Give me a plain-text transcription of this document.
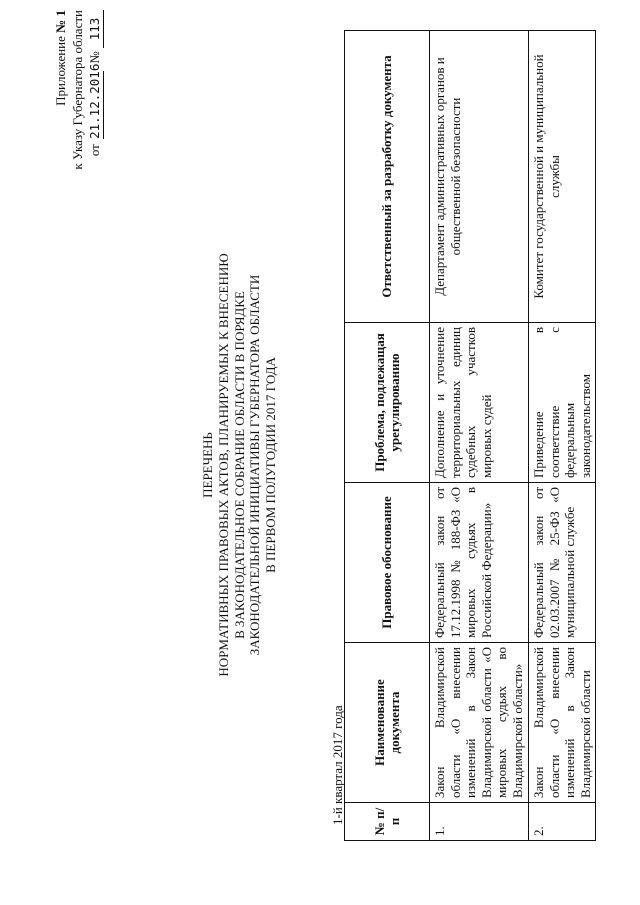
Приложение № 1 к Указу Губернатора области от 21.12.2016 № 113
ПЕРЕЧЕНЬ НОРМАТИВНЫХ ПРАВОВЫХ АКТОВ, ПЛАНИРУЕМЫХ К ВНЕСЕНИЮ В ЗАКОНОДАТЕЛЬНОЕ СОБРАНИЕ ОБЛАСТИ В ПОРЯДКЕ ЗАКОНОДАТЕЛЬНОЙ ИНИЦИАТИВЫ ГУБЕРНАТОРА ОБЛАСТИ В ПЕРВОМ ПОЛУГОДИИ 2017 ГОДА
1-й квартал 2017 года № п/п	Наименование документа	Правовое обоснование	Проблема, подлежащая урегулированию	Ответственный за разработку документа
1.	Закон Владимирской области «О внесении изменений в Закон Владимирской области «О мировых судьях во Владимирской области»	Федеральный закон от 17.12.1998 № 188-ФЗ «О мировых судьях в Российской Федерации»	Дополнение и уточнение территориальных единиц судебных участков мировых судей	Департамент административных органов и общественной безопасности
2.	Закон Владимирской области «О внесении изменений в Закон Владимирской области	Федеральный закон от 02.03.2007 № 25-ФЗ «О муниципальной службе	Приведение в соответствие с федеральным законодательством	Комитет государственной и муниципальной службы
